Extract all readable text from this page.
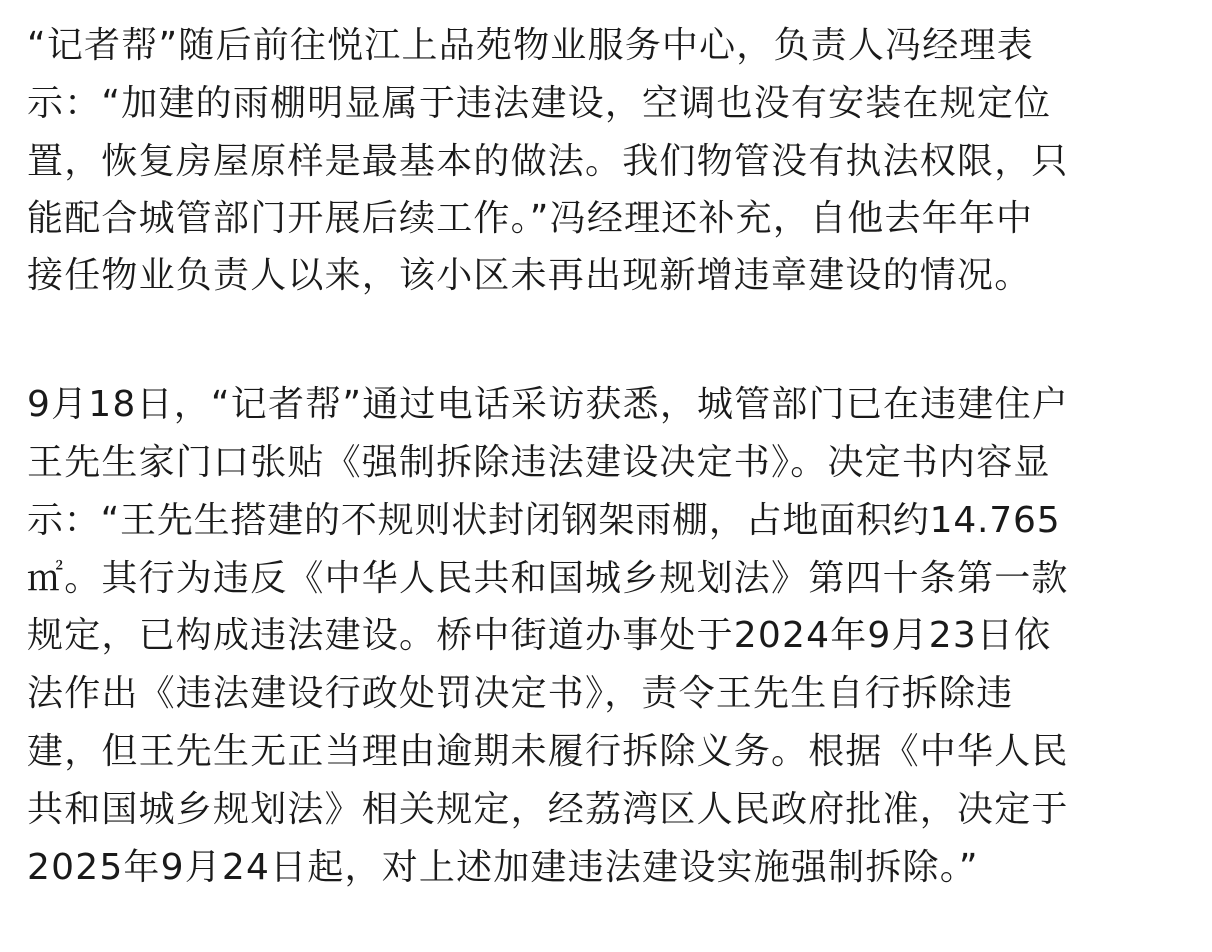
“记者帮”随后前往悦江上品苑物业服务中心，负责人冯经理表
示：“加建的雨棚明显属于违法建设，空调也没有安装在规定位
置，恢复房屋原样是最基本的做法。我们物管没有执法权限，只
能配合城管部门开展后续工作。”冯经理还补充，自他去年年中
接任物业负责人以来，该小区未再出现新增违章建设的情况。
9月18日，“记者帮”通过电话采访获悉，城管部门已在违建住户
王先生家门口张贴《强制拆除违法建设决定书》。决定书内容显
示：“王先生搭建的不规则状封闭钢架雨棚，占地面积约14.765
㎡。其行为违反《中华人民共和国城乡规划法》第四十条第一款
规定，已构成违法建设。桥中街道办事处于2024年9月23日依
法作出《违法建设行政处罚决定书》，责令王先生自行拆除违
建，但王先生无正当理由逾期未履行拆除义务。根据《中华人民
共和国城乡规划法》相关规定，经荔湾区人民政府批准，决定于
2025年9月24日起，对上述加建违法建设实施强制拆除。”
